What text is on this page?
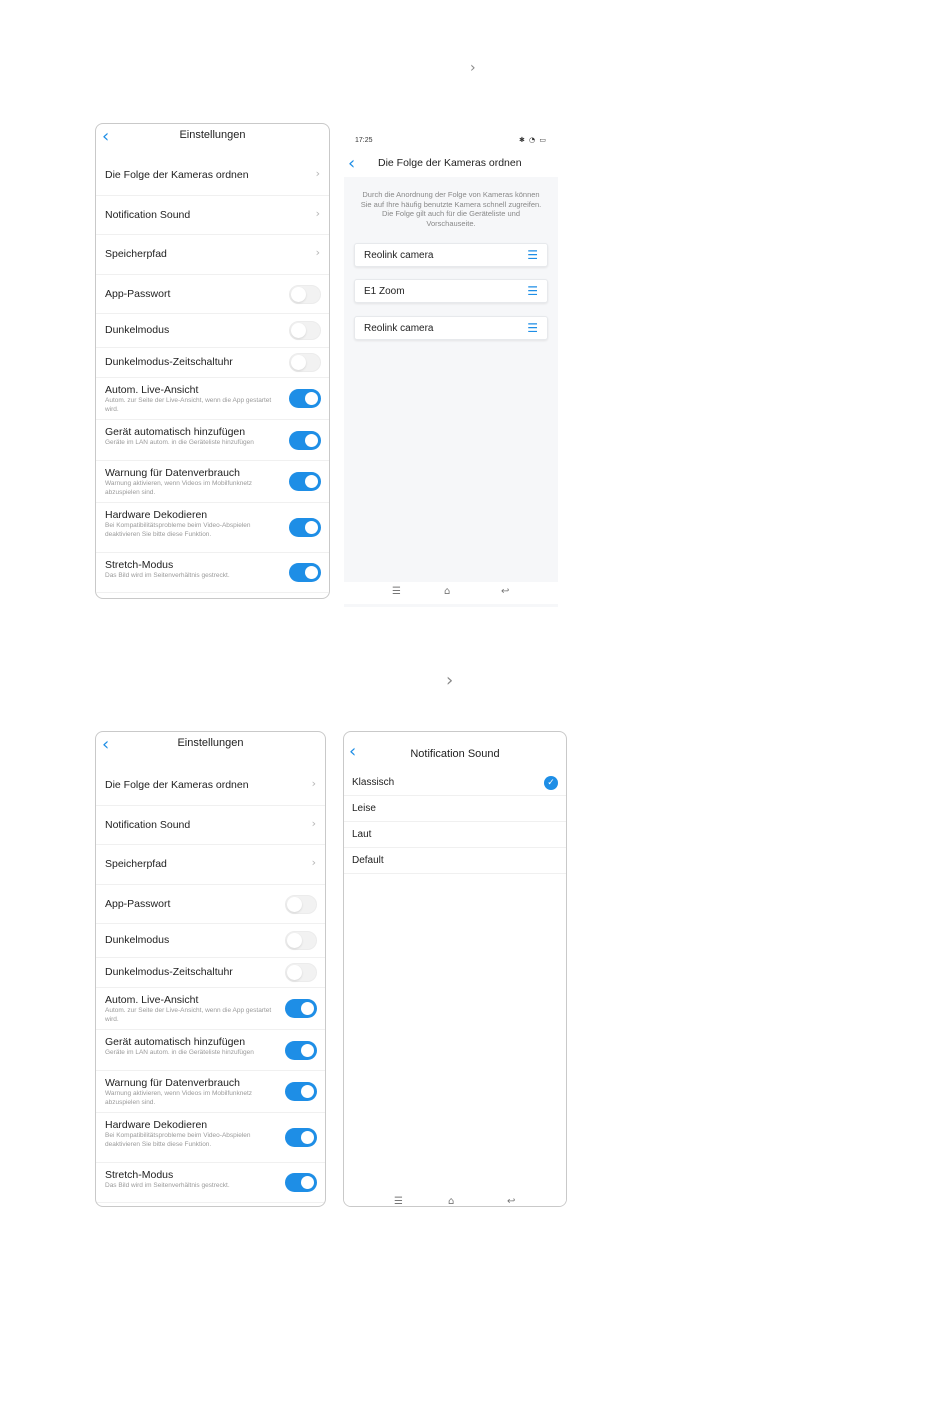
›
›
‹	Einstellungen
Die Folge der Kameras ordnen	›
Notification Sound	›
Speicherpfad	›
App-Passwort
Dunkelmodus
Dunkelmodus-Zeitschaltuhr
Autom. Live-Ansicht
Autom. zur Seite der Live-Ansicht, wenn die App gestartet wird.
Gerät automatisch hinzufügen
Geräte im LAN autom. in die Geräteliste hinzufügen
Warnung für Datenverbrauch
Warnung aktivieren, wenn Videos im Mobilfunknetz abzuspielen sind.
Hardware Dekodieren
Bei Kompatibilitätsprobleme beim Video-Abspielen deaktivieren Sie bitte diese Funktion.
Stretch-Modus
Das Bild wird im Seitenverhältnis gestreckt.
17:25	✱ ◔ ▭
‹ Die Folge der Kameras ordnen
Durch die Anordnung der Folge von Kameras können Sie auf Ihre häufig benutzte Kamera schnell zugreifen. Die Folge gilt auch für die Geräteliste und Vorschauseite.
Reolink camera	☰
E1 Zoom	☰
Reolink camera	☰
☰	⌂	↩
‹	Einstellungen
Die Folge der Kameras ordnen	›
Notification Sound	›
Speicherpfad	›
App-Passwort
Dunkelmodus
Dunkelmodus-Zeitschaltuhr
Autom. Live-Ansicht
Autom. zur Seite der Live-Ansicht, wenn die App gestartet wird.
Gerät automatisch hinzufügen
Geräte im LAN autom. in die Geräteliste hinzufügen
Warnung für Datenverbrauch
Warnung aktivieren, wenn Videos im Mobilfunknetz abzuspielen sind.
Hardware Dekodieren
Bei Kompatibilitätsprobleme beim Video-Abspielen deaktivieren Sie bitte diese Funktion.
Stretch-Modus
Das Bild wird im Seitenverhältnis gestreckt.
‹	Notification Sound
Klassisch	✓
Leise
Laut
Default
☰	⌂	↩
